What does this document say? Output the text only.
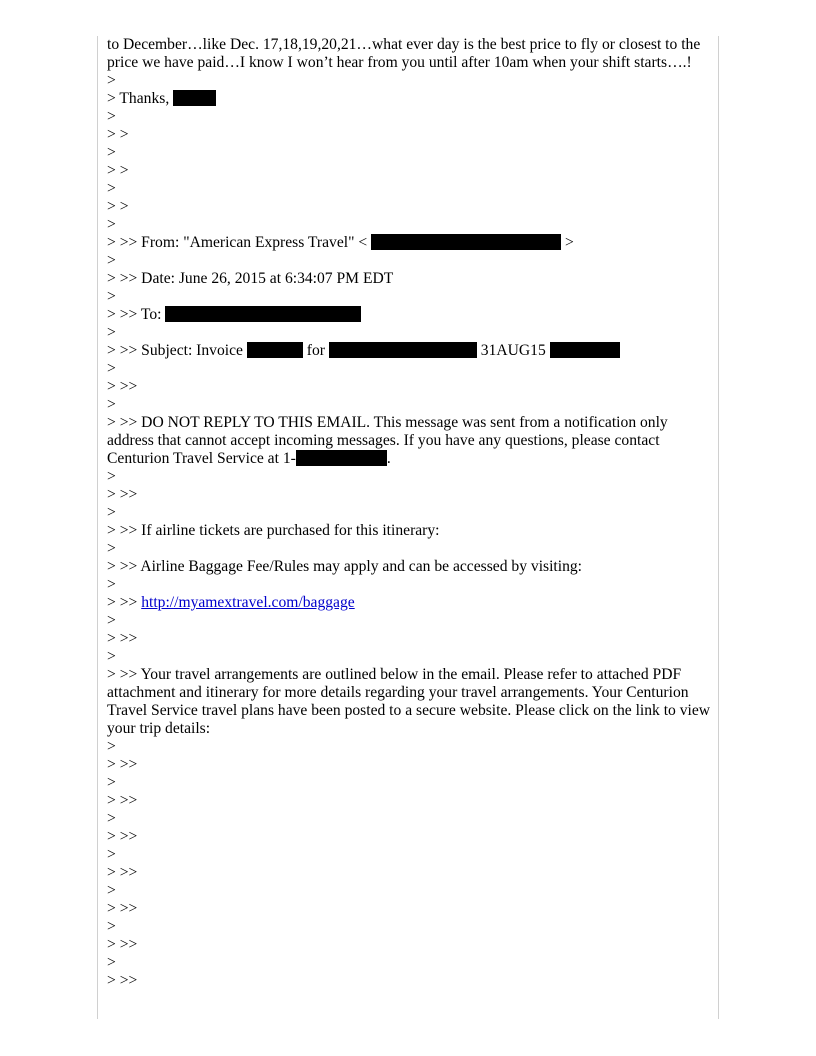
to December…like Dec. 17,18,19,20,21…what ever day is the best price to fly or closest to the price we have paid…I know I won’t hear from you until after 10am when your shift starts….!
>
> Thanks,
>
> >
>
> >
>
> >
>
> >> From: "American Express Travel" <	>
>
> >> Date: June 26, 2015 at 6:34:07 PM EDT
>
> >> To:
>
> >> Subject: Invoice	for	31AUG15
>
> >>
>
> >> DO NOT REPLY TO THIS EMAIL. This message was sent from a notification only address that cannot accept incoming messages. If you have any questions, please contact Centurion Travel Service at 1-	.
>
> >>
>
> >> If airline tickets are purchased for this itinerary:
>
> >> Airline Baggage Fee/Rules may apply and can be accessed by visiting:
>
> >> http://myamextravel.com/baggage
>
> >>
>
> >> Your travel arrangements are outlined below in the email. Please refer to attached PDF attachment and itinerary for more details regarding your travel arrangements. Your Centurion Travel Service travel plans have been posted to a secure website. Please click on the link to view your trip details:
>
> >>
>
> >>
>
> >>
>
> >>
>
> >>
>
> >>
>
> >>
